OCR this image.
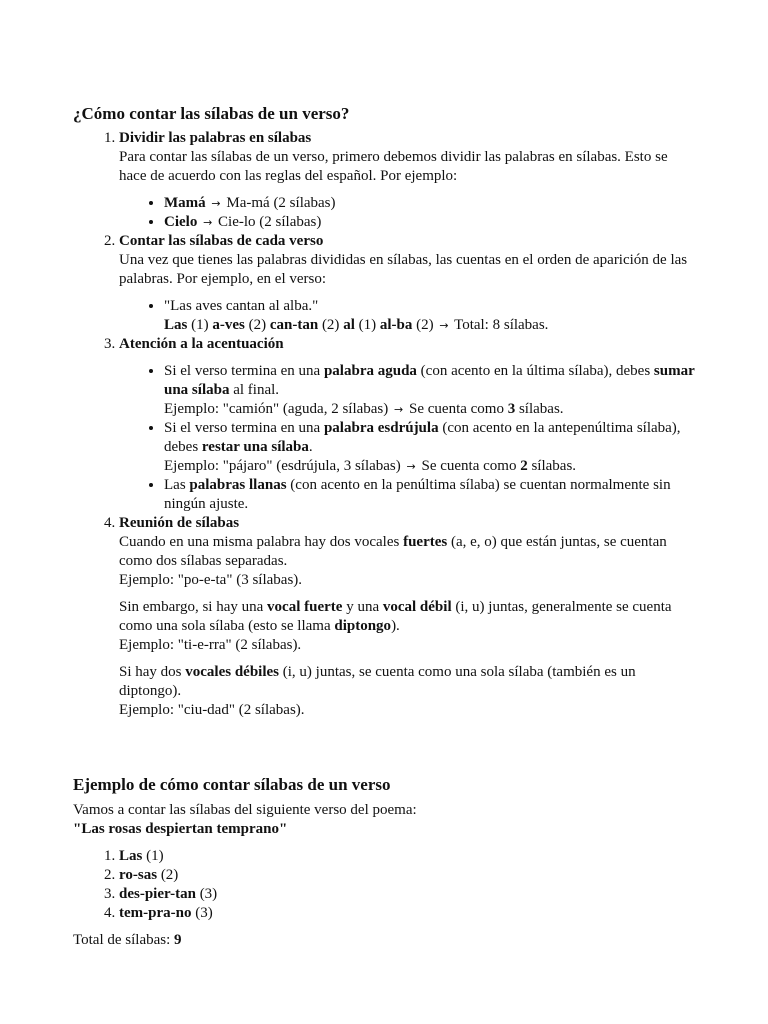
¿Cómo contar las sílabas de un verso?
1. Dividir las palabras en sílabas
Para contar las sílabas de un verso, primero debemos dividir las palabras en sílabas. Esto se hace de acuerdo con las reglas del español. Por ejemplo:
• Mamá → Ma-má (2 sílabas)
• Cielo → Cie-lo (2 sílabas)
2. Contar las sílabas de cada verso
Una vez que tienes las palabras divididas en sílabas, las cuentas en el orden de aparición de las palabras. Por ejemplo, en el verso:
• "Las aves cantan al alba."
Las (1) a-ves (2) can-tan (2) al (1) al-ba (2) → Total: 8 sílabas.
3. Atención a la acentuación
• Si el verso termina en una palabra aguda (con acento en la última sílaba), debes sumar una sílaba al final.
Ejemplo: "camión" (aguda, 2 sílabas) → Se cuenta como 3 sílabas.
• Si el verso termina en una palabra esdrújula (con acento en la antepenúltima sílaba), debes restar una sílaba.
Ejemplo: "pájaro" (esdrújula, 3 sílabas) → Se cuenta como 2 sílabas.
• Las palabras llanas (con acento en la penúltima sílaba) se cuentan normalmente sin ningún ajuste.
4. Reunión de sílabas
Cuando en una misma palabra hay dos vocales fuertes (a, e, o) que están juntas, se cuentan como dos sílabas separadas.
Ejemplo: "po-e-ta" (3 sílabas).
Sin embargo, si hay una vocal fuerte y una vocal débil (i, u) juntas, generalmente se cuenta como una sola sílaba (esto se llama diptongo).
Ejemplo: "ti-e-rra" (2 sílabas).
Si hay dos vocales débiles (i, u) juntas, se cuenta como una sola sílaba (también es un diptongo).
Ejemplo: "ciu-dad" (2 sílabas).
Ejemplo de cómo contar sílabas de un verso
Vamos a contar las sílabas del siguiente verso del poema:
"Las rosas despiertan temprano"
1. Las (1)
2. ro-sas (2)
3. des-pier-tan (3)
4. tem-pra-no (3)
Total de sílabas: 9
